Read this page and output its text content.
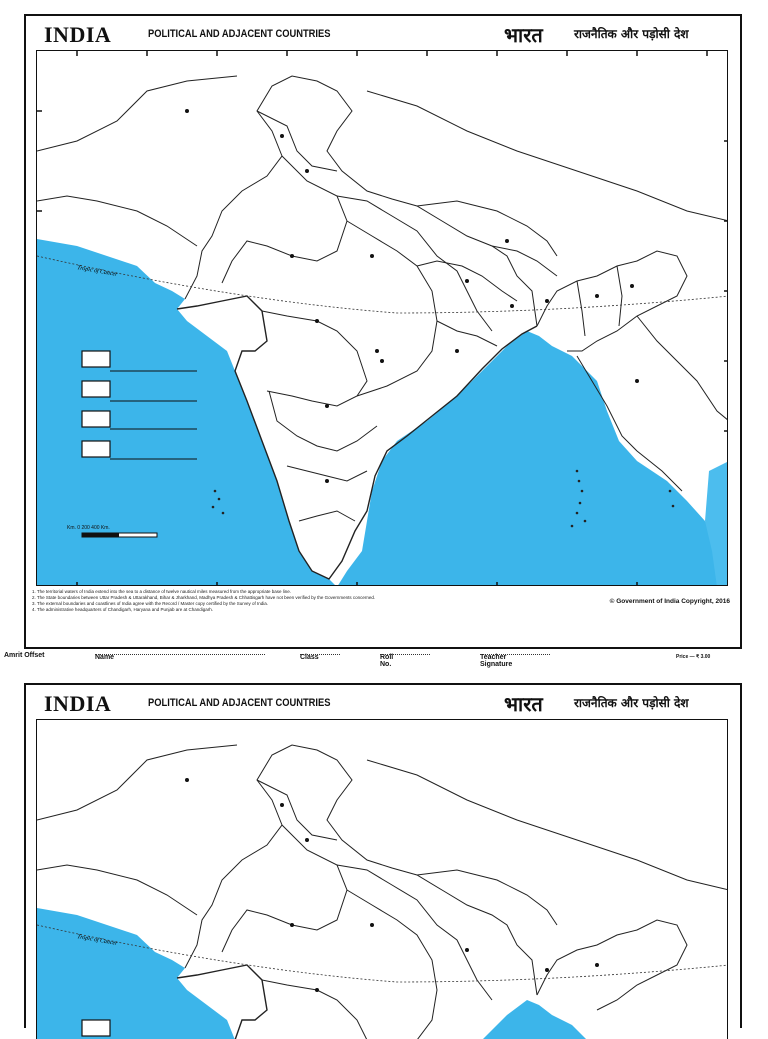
INDIA	POLITICAL AND ADJACENT COUNTRIES	भारत	राजनैतिक और पड़ोसी देश
Tropic of Cancer
Km. 0 200 400 Km.
1. The territorial waters of India extend into the sea to a distance of twelve nautical miles measured from the appropriate base line.
2. The State boundaries between Uttar Pradesh & Uttarakhand, Bihar & Jharkhand, Madhya Pradesh & Chhattisgarh have not been verified by the Governments concerned.
3. The external boundaries and coastlines of India agree with the Record / Master copy certified by the Survey of India.
4. The administrative headquarters of Chandigarh, Haryana and Punjab are at Chandigarh.
© Government of India Copyright, 2016
Amrit Offset	Name	Class	Roll No.
Teacher Signature
Price — ₹ 3.00
INDIA	POLITICAL AND ADJACENT COUNTRIES	भारत	राजनैतिक और पड़ोसी देश
Tropic of Cancer
